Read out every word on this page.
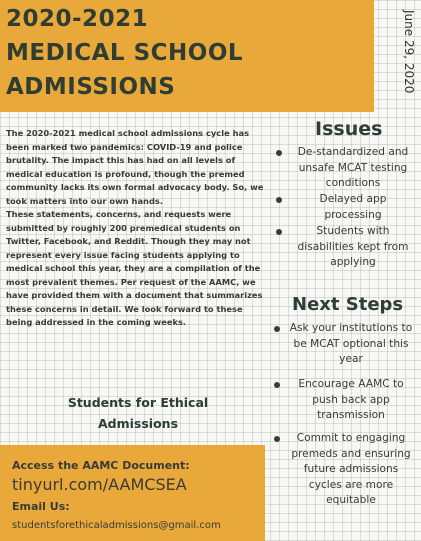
2020-2021
MEDICAL SCHOOL
ADMISSIONS	June 29, 2020

The 2020-2021 medical school admissions cycle has been marked two pandemics: COVID-19 and police brutality. The impact this has had on all levels of medical education is profound, though the premed community lacks its own formal advocacy body. So, we took matters into our own hands.

These statements, concerns, and requests were submitted by roughly 200 premedical students on Twitter, Facebook, and Reddit. Though they may not represent every issue facing students applying to medical school this year, they are a compilation of the most prevalent themes. Per request of the AAMC, we have provided them with a document that summarizes these concerns in detail. We look forward to these being addressed in the coming weeks.

Students for Ethical
Admissions
Issues
De-standardized and unsafe MCAT testing conditions
Delayed app processing
Students with disabilities kept from applying
Next Steps
Ask your institutions to be MCAT optional this year
Encourage AAMC to push back app transmission
Commit to engaging premeds and ensuring future admissions cycles are more equitable
Access the AAMC Document:
tinyurl.com/AAMCSEA
Email Us:
studentsforethicaladmissions@gmail.com
